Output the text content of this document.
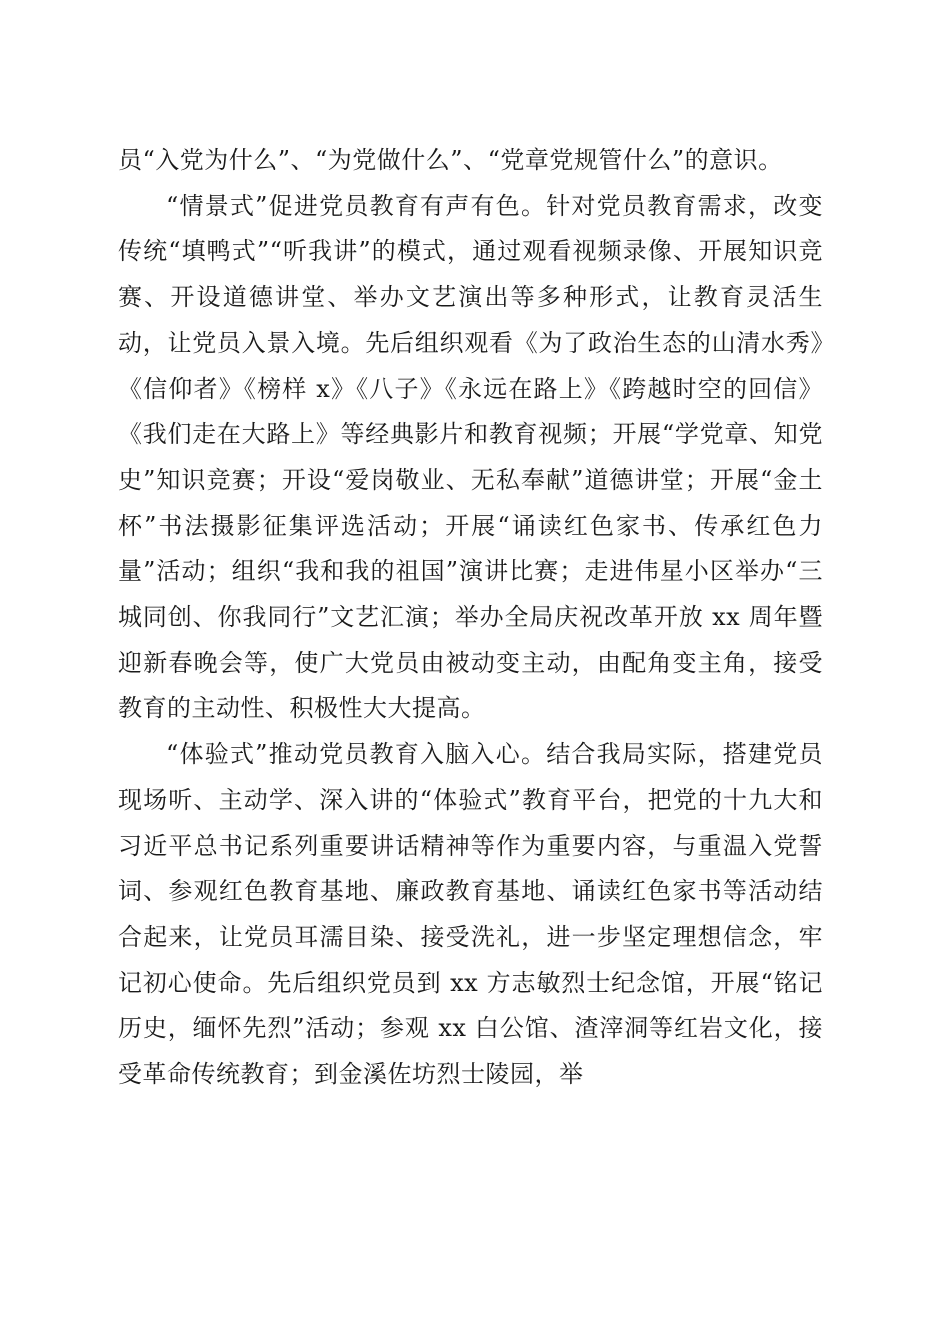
员“入党为什么”、“为党做什么”、“党章党规管什么”的意识。

“情景式”促进党员教育有声有色。针对党员教育需求，改变传统“填鸭式”“听我讲”的模式，通过观看视频录像、开展知识竞赛、开设道德讲堂、举办文艺演出等多种形式，让教育灵活生动，让党员入景入境。先后组织观看《为了政治生态的山清水秀》《信仰者》《榜样 x》《八子》《永远在路上》《跨越时空的回信》《我们走在大路上》等经典影片和教育视频；开展“学党章、知党史”知识竞赛；开设“爱岗敬业、无私奉献”道德讲堂；开展“金土杯”书法摄影征集评选活动；开展“诵读红色家书、传承红色力量”活动；组织“我和我的祖国”演讲比赛；走进伟星小区举办“三城同创、你我同行”文艺汇演；举办全局庆祝改革开放 xx 周年暨迎新春晚会等，使广大党员由被动变主动，由配角变主角，接受教育的主动性、积极性大大提高。

“体验式”推动党员教育入脑入心。结合我局实际，搭建党员现场听、主动学、深入讲的“体验式”教育平台，把党的十九大和习近平总书记系列重要讲话精神等作为重要内容，与重温入党誓词、参观红色教育基地、廉政教育基地、诵读红色家书等活动结合起来，让党员耳濡目染、接受洗礼，进一步坚定理想信念，牢记初心使命。先后组织党员到 xx 方志敏烈士纪念馆，开展“铭记历史，缅怀先烈”活动；参观 xx 白公馆、渣滓洞等红岩文化，接受革命传统教育；到金溪佐坊烈士陵园，举
